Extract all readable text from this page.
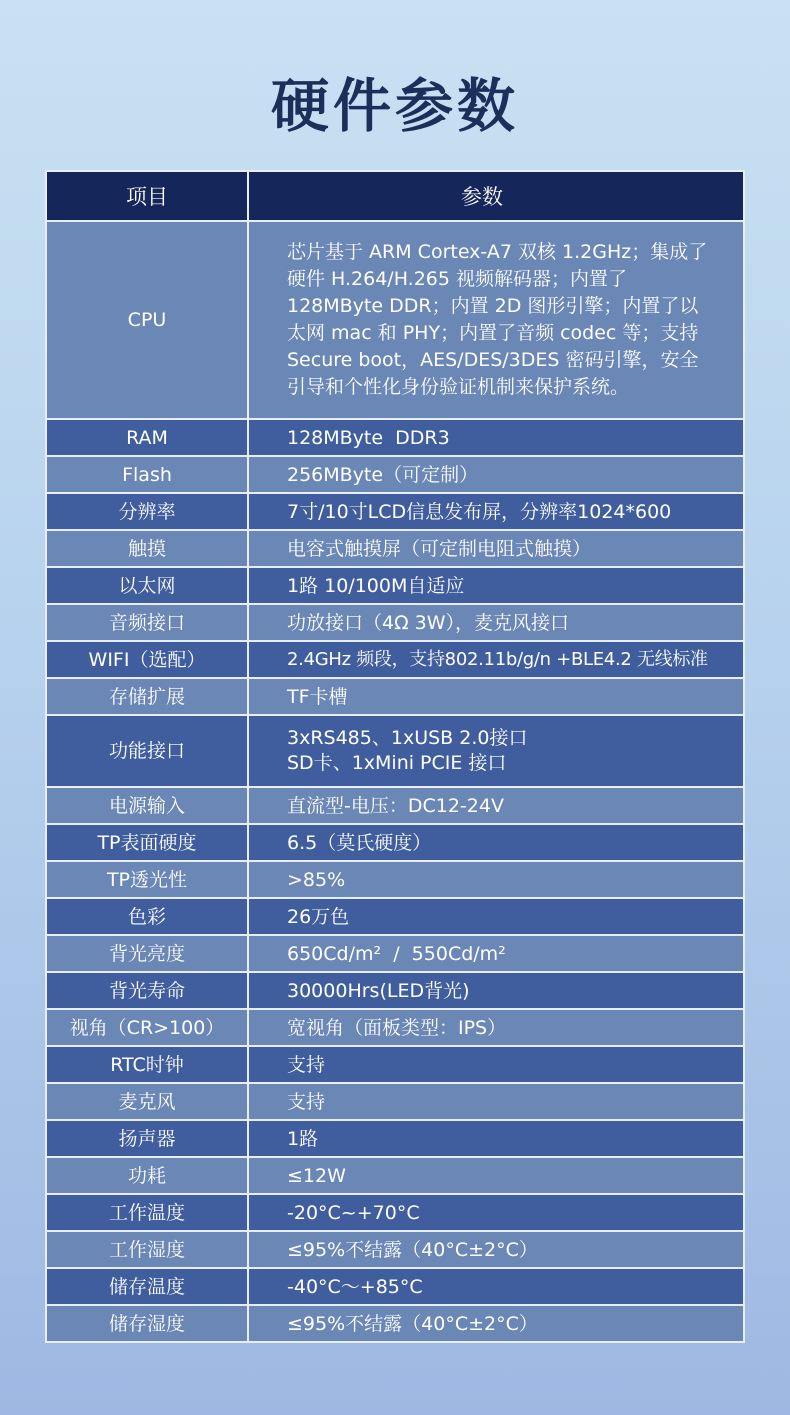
硬件参数
项目	参数
CPU	芯片基于 ARM Cortex-A7 双核 1.2GHz；集成了硬件 H.264/H.265 视频解码器；内置了128MByte DDR；内置 2D 图形引擎；内置了以太网 mac 和 PHY；内置了音频 codec 等；支持Secure boot，AES/DES/3DES 密码引擎，安全引导和个性化身份验证机制来保护系统。
RAM	128MByte  DDR3
Flash	256MByte（可定制）
分辨率	7寸/10寸LCD信息发布屏，分辨率1024*600
触摸	电容式触摸屏（可定制电阻式触摸）
以太网	1路 10/100M自适应
音频接口	功放接口（4Ω 3W），麦克风接口
WIFI（选配）	2.4GHz 频段，支持802.11b/g/n +BLE4.2 无线标准
存储扩展	TF卡槽
功能接口	3xRS485、1xUSB 2.0接口
SD卡、1xMini PCIE 接口
电源输入	直流型-电压：DC12-24V
TP表面硬度	6.5（莫氏硬度）
TP透光性	>85%
色彩	26万色
背光亮度	650Cd/m²  /  550Cd/m²
背光寿命	30000Hrs(LED背光)
视角（CR>100）	宽视角（面板类型：IPS）
RTC时钟	支持
麦克风	支持
扬声器	1路
功耗	≤12W
工作温度	-20°C~+70°C
工作湿度	≤95%不结露（40°C±2°C）
储存温度	-40°C～+85°C
储存湿度	≤95%不结露（40°C±2°C）
